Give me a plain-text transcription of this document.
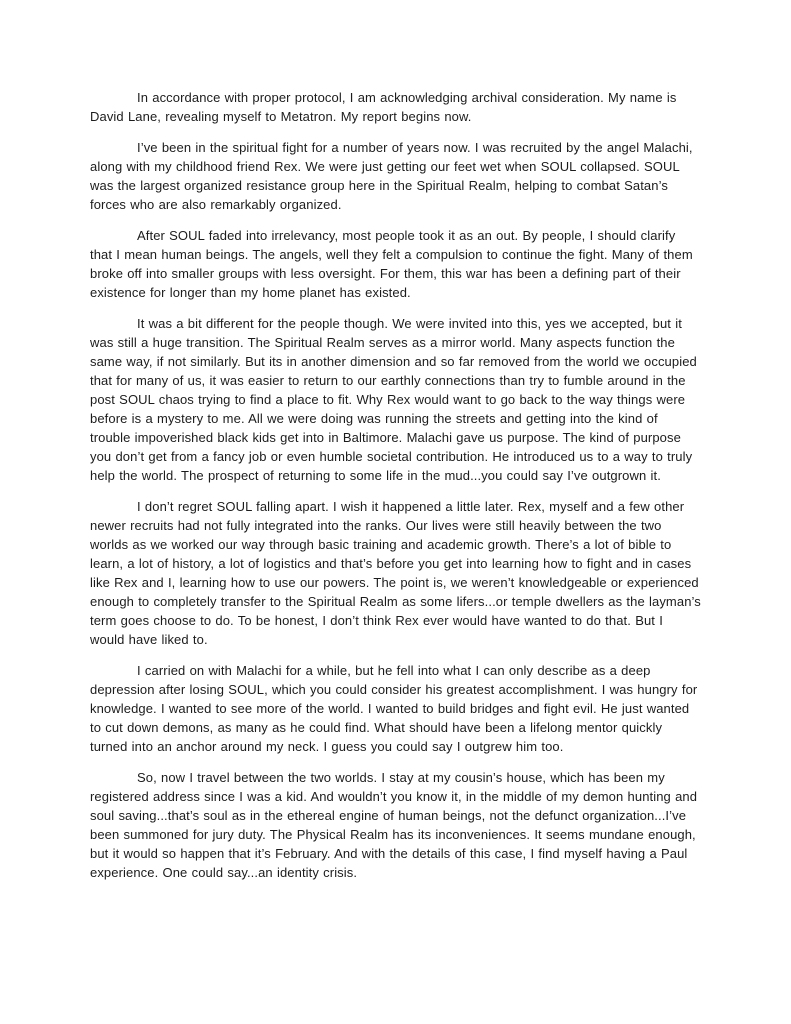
In accordance with proper protocol, I am acknowledging archival consideration. My name is David Lane, revealing myself to Metatron. My report begins now.

I’ve been in the spiritual fight for a number of years now. I was recruited by the angel Malachi, along with my childhood friend Rex. We were just getting our feet wet when SOUL collapsed. SOUL was the largest organized resistance group here in the Spiritual Realm, helping to combat Satan’s forces who are also remarkably organized.

After SOUL faded into irrelevancy, most people took it as an out. By people, I should clarify that I mean human beings. The angels, well they felt a compulsion to continue the fight. Many of them broke off into smaller groups with less oversight. For them, this war has been a defining part of their existence for longer than my home planet has existed.

It was a bit different for the people though. We were invited into this, yes we accepted, but it was still a huge transition. The Spiritual Realm serves as a mirror world. Many aspects function the same way, if not similarly. But its in another dimension and so far removed from the world we occupied that for many of us, it was easier to return to our earthly connections than try to fumble around in the post SOUL chaos trying to find a place to fit. Why Rex would want to go back to the way things were before is a mystery to me. All we were doing was running the streets and getting into the kind of trouble impoverished black kids get into in Baltimore. Malachi gave us purpose. The kind of purpose you don’t get from a fancy job or even humble societal contribution. He introduced us to a way to truly help the world. The prospect of returning to some life in the mud...you could say I’ve outgrown it.

I don’t regret SOUL falling apart. I wish it happened a little later. Rex, myself and a few other newer recruits had not fully integrated into the ranks. Our lives were still heavily between the two worlds as we worked our way through basic training and academic growth. There’s a lot of bible to learn, a lot of history, a lot of logistics and that’s before you get into learning how to fight and in cases like Rex and I, learning how to use our powers. The point is, we weren’t knowledgeable or experienced enough to completely transfer to the Spiritual Realm as some lifers...or temple dwellers as the layman’s term goes choose to do. To be honest, I don’t think Rex ever would have wanted to do that. But I would have liked to.

I carried on with Malachi for a while, but he fell into what I can only describe as a deep depression after losing SOUL, which you could consider his greatest accomplishment. I was hungry for knowledge. I wanted to see more of the world. I wanted to build bridges and fight evil. He just wanted to cut down demons, as many as he could find. What should have been a lifelong mentor quickly turned into an anchor around my neck. I guess you could say I outgrew him too.

So, now I travel between the two worlds. I stay at my cousin’s house, which has been my registered address since I was a kid. And wouldn’t you know it, in the middle of my demon hunting and soul saving...that’s soul as in the ethereal engine of human beings, not the defunct organization...I’ve been summoned for jury duty. The Physical Realm has its inconveniences. It seems mundane enough, but it would so happen that it’s February. And with the details of this case, I find myself having a Paul experience. One could say...an identity crisis.
